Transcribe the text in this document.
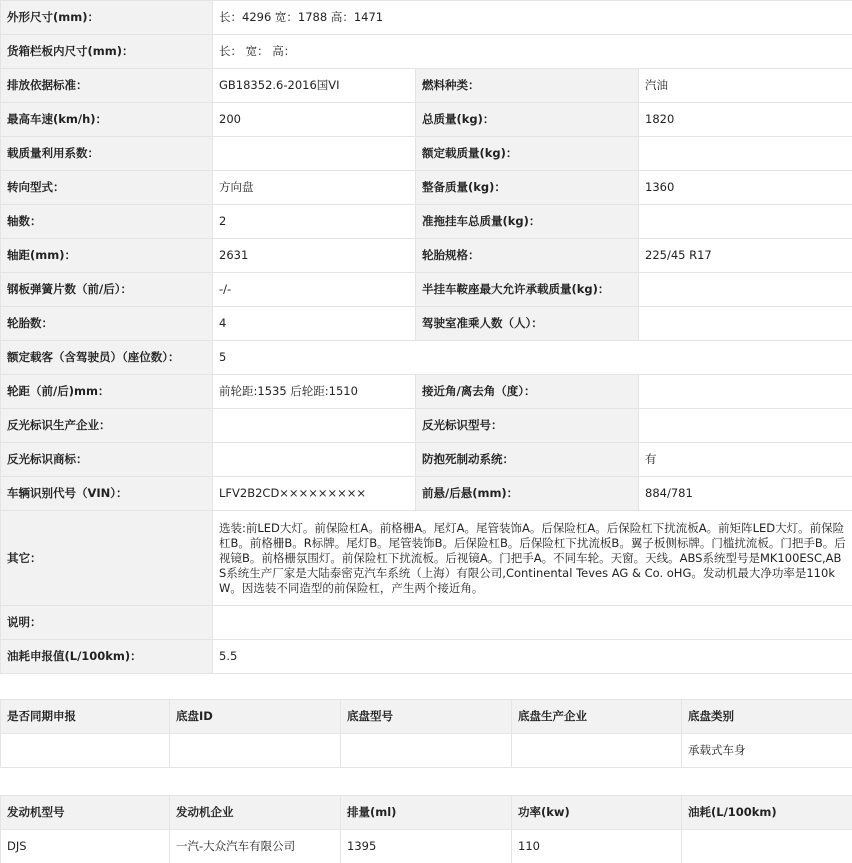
外形尺寸(mm)：	长：4296 宽：1788 高：1471		
货箱栏板内尺寸(mm)：	长： 宽： 高：		
排放依据标准：	GB18352.6-2016国VI	燃料种类：	汽油
最高车速(km/h)：	200	总质量(kg)：	1820
载质量利用系数：		额定载质量(kg)：	
转向型式：	方向盘	整备质量(kg)：	1360
轴数：	2	准拖挂车总质量(kg)：	
轴距(mm)：	2631	轮胎规格：	225/45 R17
钢板弹簧片数（前/后）：	-/-	半挂车鞍座最大允许承载质量(kg)：	
轮胎数：	4	驾驶室准乘人数（人）：	
额定载客（含驾驶员）（座位数）：	5		
轮距（前/后)mm：	前轮距:1535 后轮距:1510	接近角/离去角（度）：	
反光标识生产企业：		反光标识型号：	
反光标识商标：		防抱死制动系统：	有
车辆识别代号（VIN）：	LFV2B2CD×××××××××	前悬/后悬(mm)：	884/781
其它：	选装:前LED大灯。前保险杠A。前格栅A。尾灯A。尾管装饰A。后保险杠A。后保险杠下扰流板A。前矩阵LED大灯。前保险杠B。前格栅B。R标牌。尾灯B。尾管装饰B。后保险杠B。后保险杠下扰流板B。翼子板侧标牌。门槛扰流板。门把手B。后视镜B。前格栅氛围灯。前保险杠下扰流板。后视镜A。门把手A。不同车轮。天窗。天线。ABS系统型号是MK100ESC,ABS系统生产厂家是大陆泰密克汽车系统（上海）有限公司,Continental Teves AG & Co. oHG。发动机最大净功率是110kW。因选装不同造型的前保险杠，产生两个接近角。		
说明：			
油耗申报值(L/100km)：	5.5		
是否同期申报	底盘ID	底盘型号	底盘生产企业	底盘类别
				承载式车身
发动机型号	发动机企业	排量(ml)	功率(kw)	油耗(L/100km)
DJS	一汽-大众汽车有限公司	1395	110	
